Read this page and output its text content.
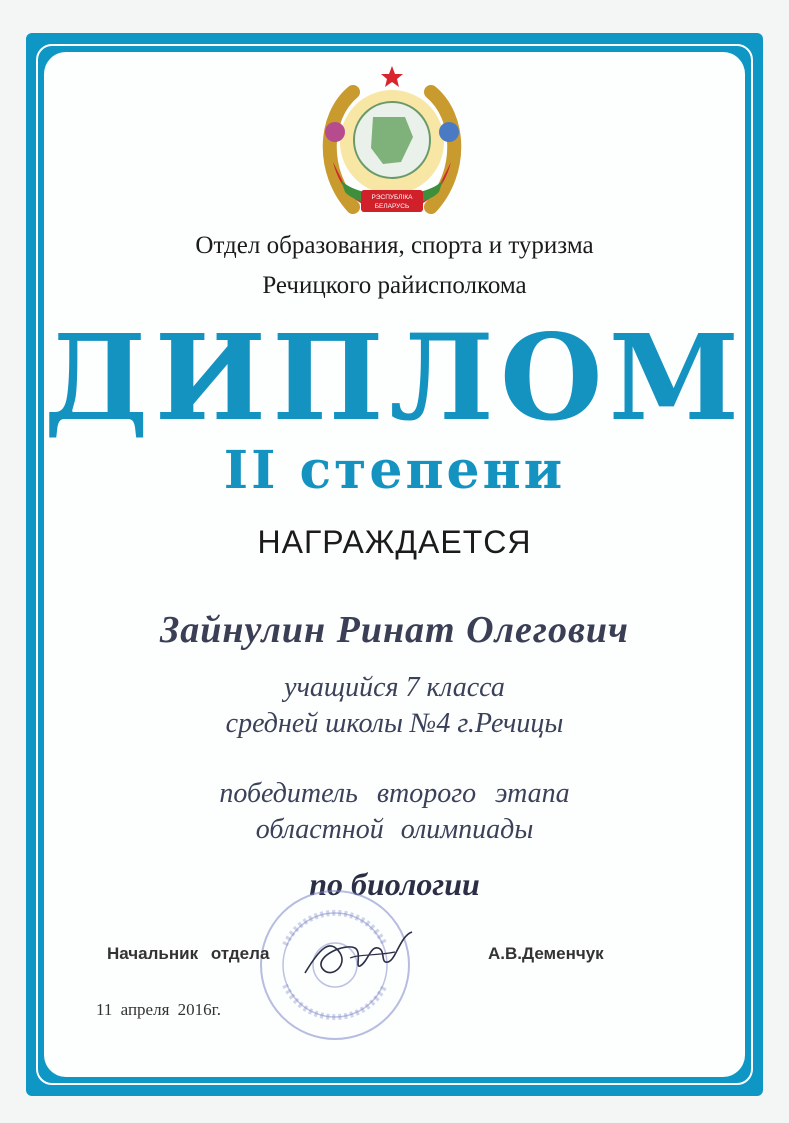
РЭСПУБЛІКА
БЕЛАРУСЬ
Отдел образования, спорта и туризма
Речицкого райисполкома
ДИПЛОМ
II степени
НАГРАЖДАЕТСЯ
Зайнулин Ринат Олегович
учащийся 7 класса
средней школы №4 г.Речицы
победитель второго этапа
областной олимпиады
по биологии
Начальник отдела	А.В.Деменчук
11 апреля 2016г.
